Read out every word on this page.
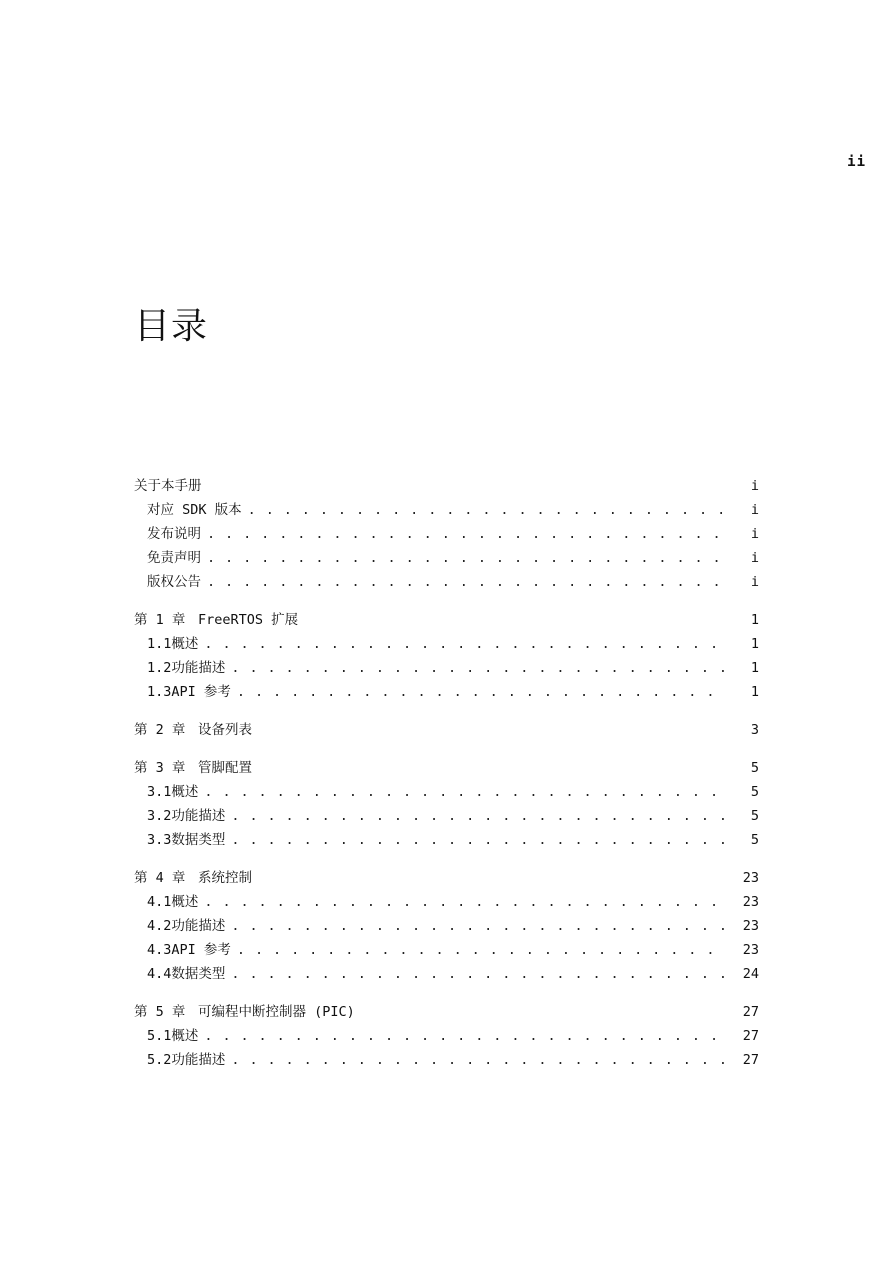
ii
目录
关于本手册	i
对应 SDK 版本 . . .	i
发布说明 . . .	i
免责声明 . . .	i
版权公告 . . .	i
第 1 章 FreeRTOS 扩展	1
1.1 概述 . . .	1
1.2 功能描述 . . .	1
1.3 API 参考 . . .	1
第 2 章 设备列表	3
第 3 章 管脚配置	5
3.1 概述 . . .	5
3.2 功能描述 . . .	5
3.3 数据类型 . . .	5
第 4 章 系统控制	23
4.1 概述 . . .	23
4.2 功能描述 . . .	23
4.3 API 参考 . . .	23
4.4 数据类型 . . .	24
第 5 章 可编程中断控制器 (PIC)	27
5.1 概述 . . .	27
5.2 功能描述 . . .	27
